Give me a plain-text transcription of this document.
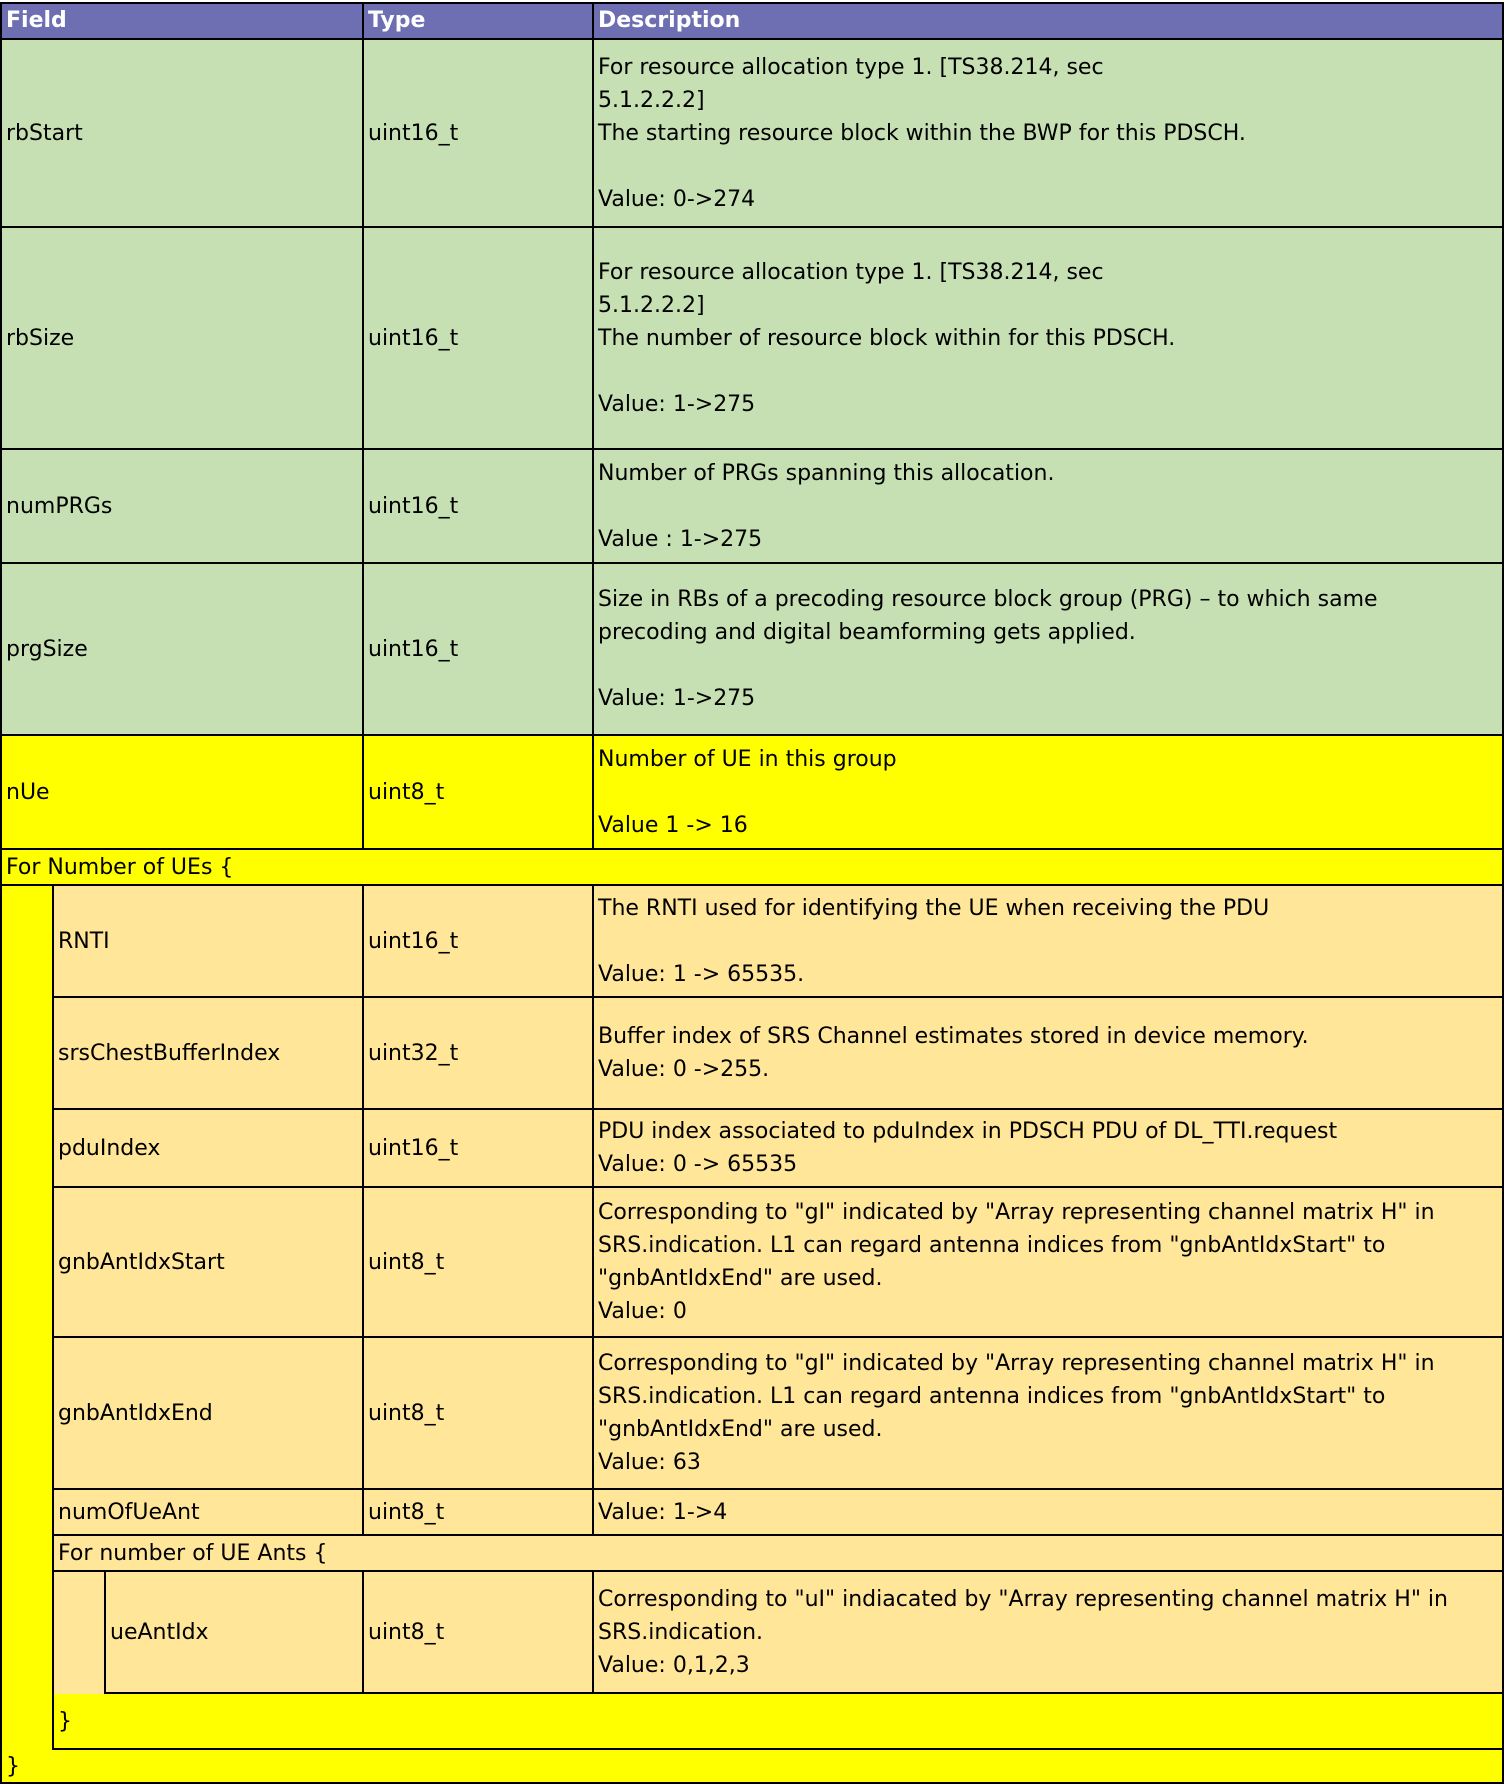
Field	Type	Description
rbStart	uint16_t
For resource allocation type 1. [TS38.214, sec
5.1.2.2.2]
The starting resource block within the BWP for this PDSCH.

Value: 0->274
rbSize	uint16_t
For resource allocation type 1. [TS38.214, sec
5.1.2.2.2]
The number of resource block within for this PDSCH.

Value: 1->275
numPRGs	uint16_t
Number of PRGs spanning this allocation.

Value : 1->275
prgSize	uint16_t
Size in RBs of a precoding resource block group (PRG) – to which same
precoding and digital beamforming gets applied.

Value: 1->275
nUe	uint8_t
Number of UE in this group

Value 1 -> 16
For Number of UEs {
RNTI	uint16_t
The RNTI used for identifying the UE when receiving the PDU

Value: 1 -> 65535.
srsChestBufferIndex	uint32_t
Buffer index of SRS Channel estimates stored in device memory.
Value: 0 ->255.
pduIndex	uint16_t
PDU index associated to pduIndex in PDSCH PDU of DL_TTI.request
Value: 0 -> 65535
gnbAntIdxStart	uint8_t
Corresponding to "gI" indicated by "Array representing channel matrix H" in
SRS.indication. L1 can regard antenna indices from "gnbAntIdxStart" to
"gnbAntIdxEnd" are used.
Value: 0
gnbAntIdxEnd	uint8_t
Corresponding to "gI" indicated by "Array representing channel matrix H" in
SRS.indication. L1 can regard antenna indices from "gnbAntIdxStart" to
"gnbAntIdxEnd" are used.
Value: 63
numOfUeAnt	uint8_t	Value: 1->4
For number of UE Ants {
ueAntIdx	uint8_t
Corresponding to "uI" indiacated by "Array representing channel matrix H" in
SRS.indication.
Value: 0,1,2,3
}
}
